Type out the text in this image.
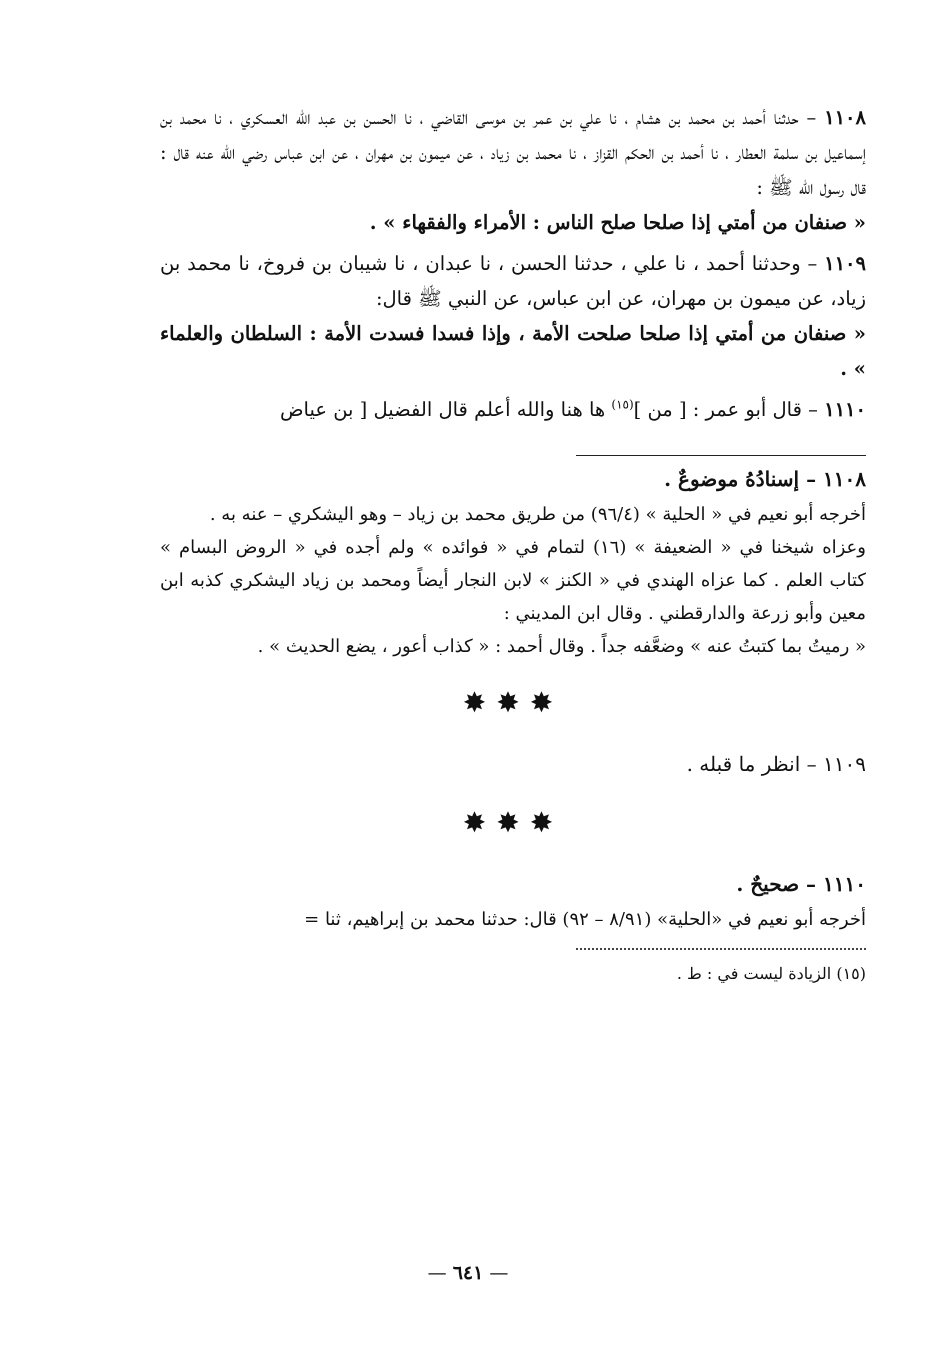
١١٠٨ – حدثنا أحمد بن محمد بن هشام ، نا علي بن عمر بن موسى القاضي ، نا الحسن بن عبد الله العسكري ، نا محمد بن إسماعيل بن سلمة العطار ، نا أحمد بن الحكم القزاز ، نا محمد بن زياد ، عن ميمون بن مهران ، عن ابن عباس رضي الله عنه قال : قال رسول الله ﷺ :

« صنفان من أمتي إذا صلحا صلح الناس : الأمراء والفقهاء » .

١١٠٩ – وحدثنا أحمد ، نا علي ، حدثنا الحسن ، نا عبدان ، نا شيبان بن فروخ، نا محمد بن زياد، عن ميمون بن مهران، عن ابن عباس، عن النبي ﷺ قال:

« صنفان من أمتي إذا صلحا صلحت الأمة ، وإذا فسدا فسدت الأمة : السلطان والعلماء » .

١١١٠ – قال أبو عمر : [ من ]$^{(١٥)}$ ها هنا والله أعلم قال الفضيل [ بن عياض

١١٠٨ – إسنادُهُ موضوعٌ .

أخرجه أبو نعيم في « الحلية » (٩٦/٤) من طريق محمد بن زياد – وهو اليشكري – عنه به .

وعزاه شيخنا في « الضعيفة » (١٦) لتمام في « فوائده » ولم أجده في « الروض البسام » كتاب العلم . كما عزاه الهندي في « الكنز » لابن النجار أيضاً ومحمد بن زياد اليشكري كذبه ابن معين وأبو زرعة والدارقطني . وقال ابن المديني :

« رميتُ بما كتبتُ عنه » وضعَّفه جداً . وقال أحمد : « كذاب أعور ، يضع الحديث » .

✸✸✸

١١٠٩ – انظر ما قبله .

✸✸✸

١١١٠ – صحيحٌ .

أخرجه أبو نعيم في «الحلية» (٨/٩١ – ٩٢) قال: حدثنا محمد بن إبراهيم، ثنا =

(١٥) الزيادة ليست في : ط .

— ٦٤١ —
